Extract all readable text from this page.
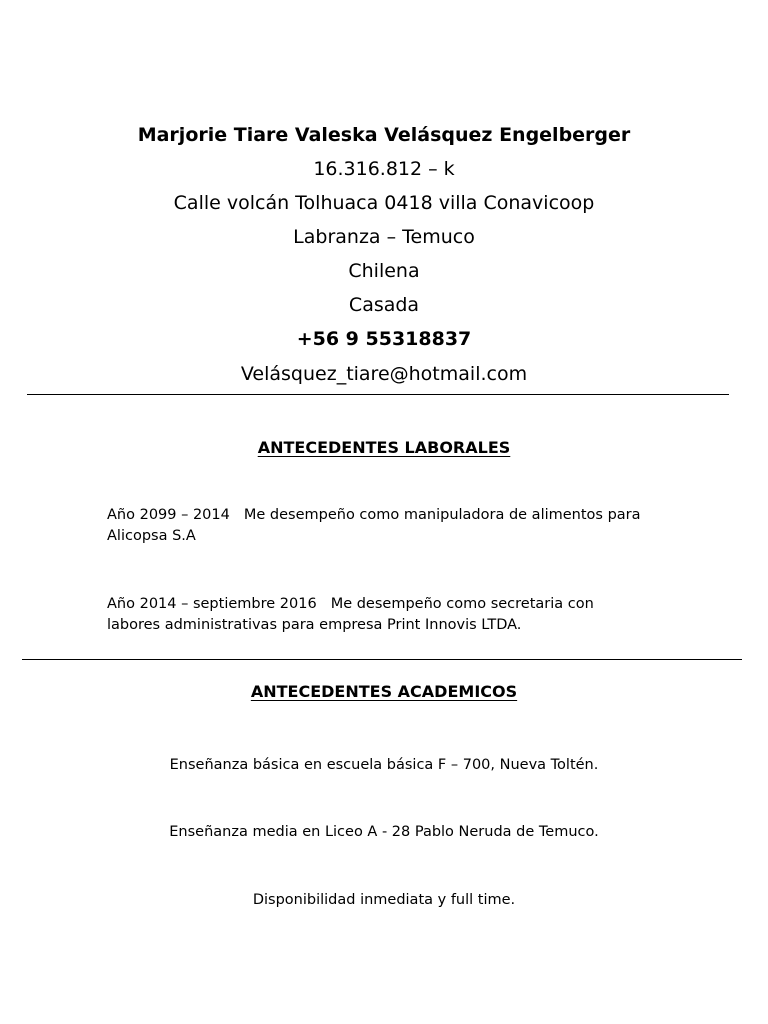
Marjorie Tiare Valeska Velásquez Engelberger
16.316.812 – k
Calle volcán Tolhuaca 0418 villa Conavicoop
Labranza – Temuco
Chilena
Casada
+56 9 55318837
Velásquez_tiare@hotmail.com
ANTECEDENTES LABORALES
Año 2099 – 2014 Me desempeño como manipuladora de alimentos para Alicopsa S.A
Año 2014 – septiembre 2016 Me desempeño como secretaria con labores administrativas para empresa Print Innovis LTDA.
ANTECEDENTES ACADEMICOS
Enseñanza básica en escuela básica F – 700, Nueva Toltén.
Enseñanza media en Liceo A - 28 Pablo Neruda de Temuco.
Disponibilidad inmediata y full time.
